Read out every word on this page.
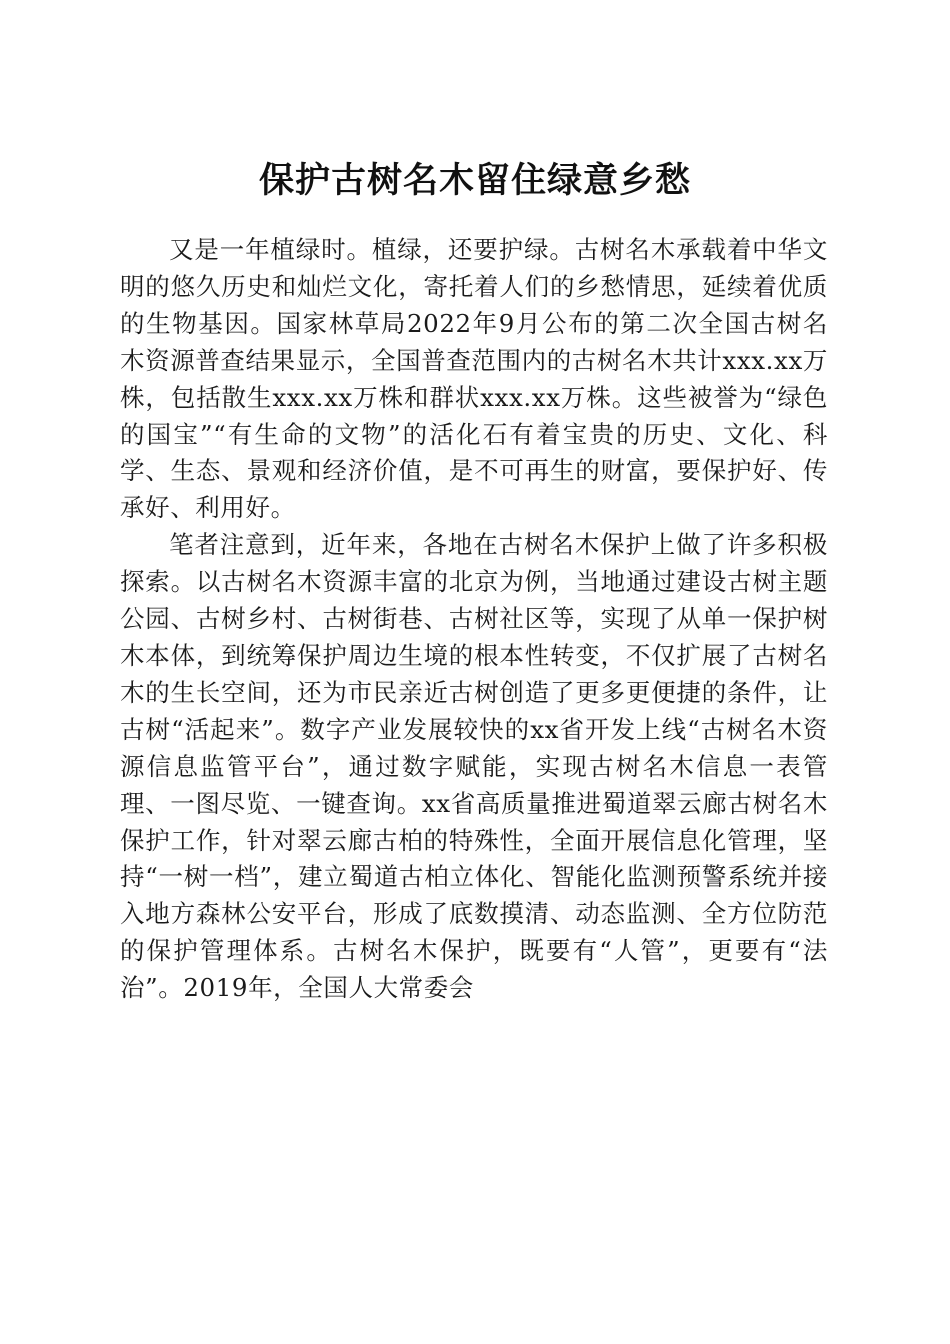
保护古树名木留住绿意乡愁

又是一年植绿时。植绿，还要护绿。古树名木承载着中华文明的悠久历史和灿烂文化，寄托着人们的乡愁情思，延续着优质的生物基因。国家林草局2022年9月公布的第二次全国古树名木资源普查结果显示，全国普查范围内的古树名木共计xxx.xx万株，包括散生xxx.xx万株和群状xxx.xx万株。这些被誉为“绿色的国宝”“有生命的文物”的活化石有着宝贵的历史、文化、科学、生态、景观和经济价值，是不可再生的财富，要保护好、传承好、利用好。

笔者注意到，近年来，各地在古树名木保护上做了许多积极探索。以古树名木资源丰富的北京为例，当地通过建设古树主题公园、古树乡村、古树街巷、古树社区等，实现了从单一保护树木本体，到统筹保护周边生境的根本性转变，不仅扩展了古树名木的生长空间，还为市民亲近古树创造了更多更便捷的条件，让古树“活起来”。数字产业发展较快的xx省开发上线“古树名木资源信息监管平台”，通过数字赋能，实现古树名木信息一表管理、一图尽览、一键查询。xx省高质量推进蜀道翠云廊古树名木保护工作，针对翠云廊古柏的特殊性，全面开展信息化管理，坚持“一树一档”，建立蜀道古柏立体化、智能化监测预警系统并接入地方森林公安平台，形成了底数摸清、动态监测、全方位防范的保护管理体系。古树名木保护，既要有“人管”，更要有“法治”。2019年，全国人大常委会
